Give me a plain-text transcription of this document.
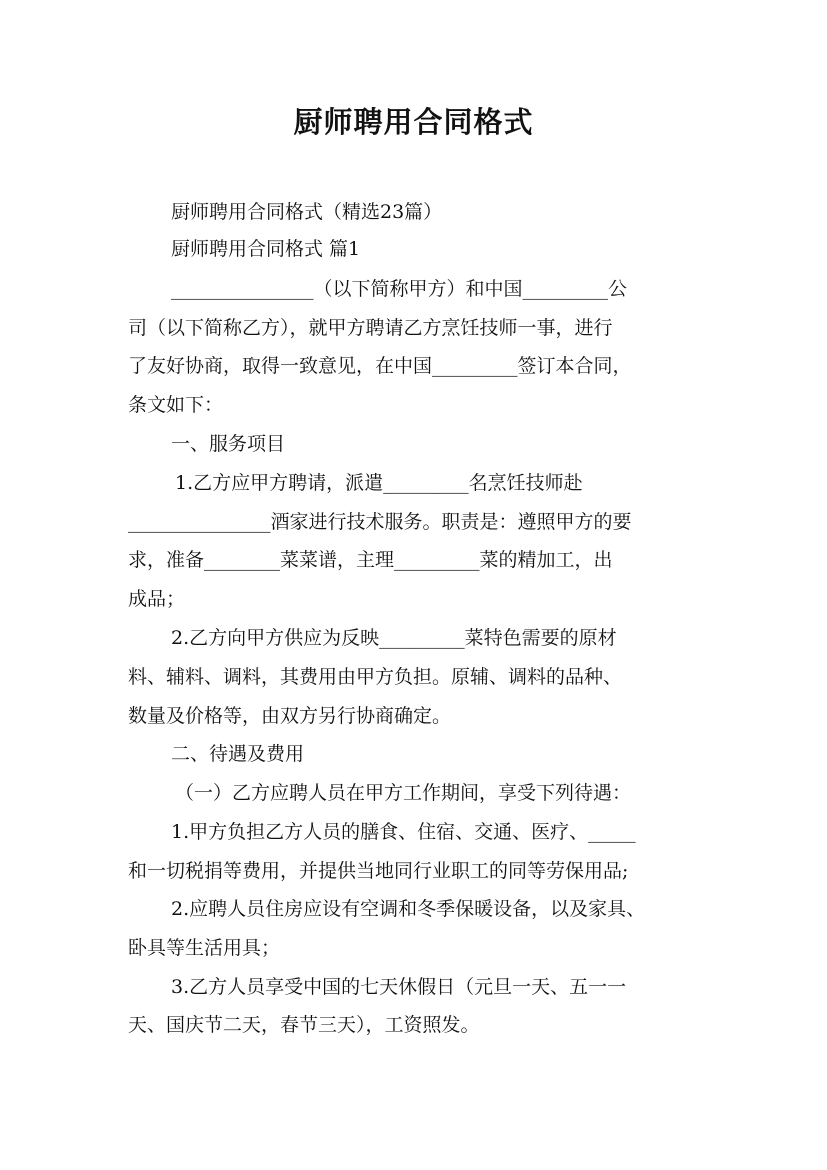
厨师聘用合同格式
厨师聘用合同格式（精选23篇）
厨师聘用合同格式 篇1
_______________（以下简称甲方）和中国_________公
司（以下简称乙方），就甲方聘请乙方烹饪技师一事，进行
了友好协商，取得一致意见，在中国_________签订本合同，
条文如下：
一、服务项目
1.乙方应甲方聘请，派遣_________名烹饪技师赴
_______________酒家进行技术服务。职责是：遵照甲方的要
求，准备________菜菜谱，主理_________菜的精加工，出
成品；
2.乙方向甲方供应为反映_________菜特色需要的原材
料、辅料、调料，其费用由甲方负担。原辅、调料的品种、
数量及价格等，由双方另行协商确定。
二、待遇及费用
（一）乙方应聘人员在甲方工作期间，享受下列待遇：
1.甲方负担乙方人员的膳食、住宿、交通、医疗、_____
和一切税捐等费用，并提供当地同行业职工的同等劳保用品;
2.应聘人员住房应设有空调和冬季保暖设备，以及家具、
卧具等生活用具；
3.乙方人员享受中国的七天休假日（元旦一天、五一一
天、国庆节二天，春节三天），工资照发。
